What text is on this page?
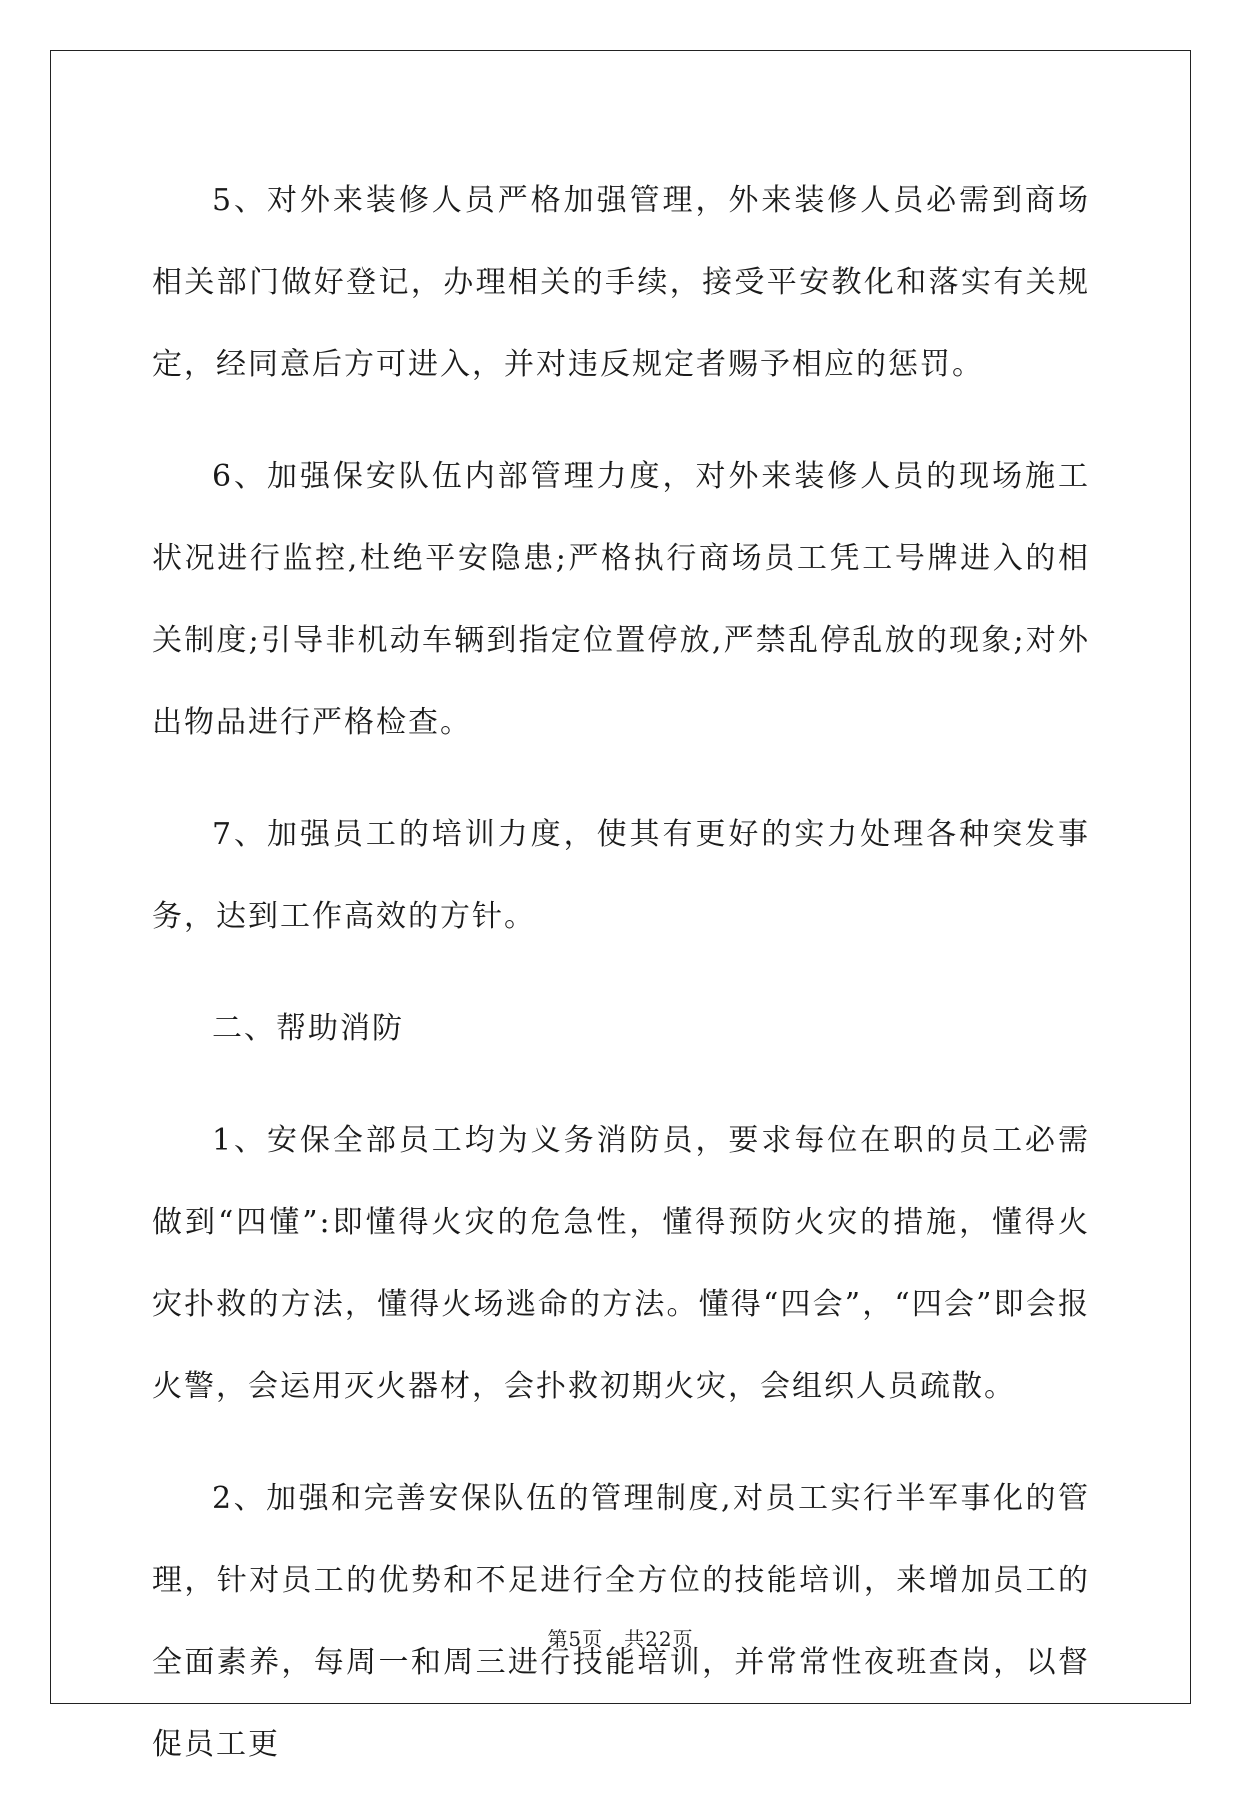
5、对外来装修人员严格加强管理，外来装修人员必需到商场相关部门做好登记，办理相关的手续，接受平安教化和落实有关规定，经同意后方可进入，并对违反规定者赐予相应的惩罚。

6、加强保安队伍内部管理力度，对外来装修人员的现场施工状况进行监控,杜绝平安隐患;严格执行商场员工凭工号牌进入的相关制度;引导非机动车辆到指定位置停放,严禁乱停乱放的现象;对外出物品进行严格检查。

7、加强员工的培训力度，使其有更好的实力处理各种突发事务，达到工作高效的方针。

二、帮助消防

1、安保全部员工均为义务消防员，要求每位在职的员工必需做到“四懂”:即懂得火灾的危急性，懂得预防火灾的措施，懂得火灾扑救的方法，懂得火场逃命的方法。懂得“四会”，“四会”即会报火警，会运用灭火器材，会扑救初期火灾，会组织人员疏散。

2、加强和完善安保队伍的管理制度,对员工实行半军事化的管理，针对员工的优势和不足进行全方位的技能培训，来增加员工的全面素养，每周一和周三进行技能培训，并常常性夜班查岗，以督促员工更

第5页　共22页
